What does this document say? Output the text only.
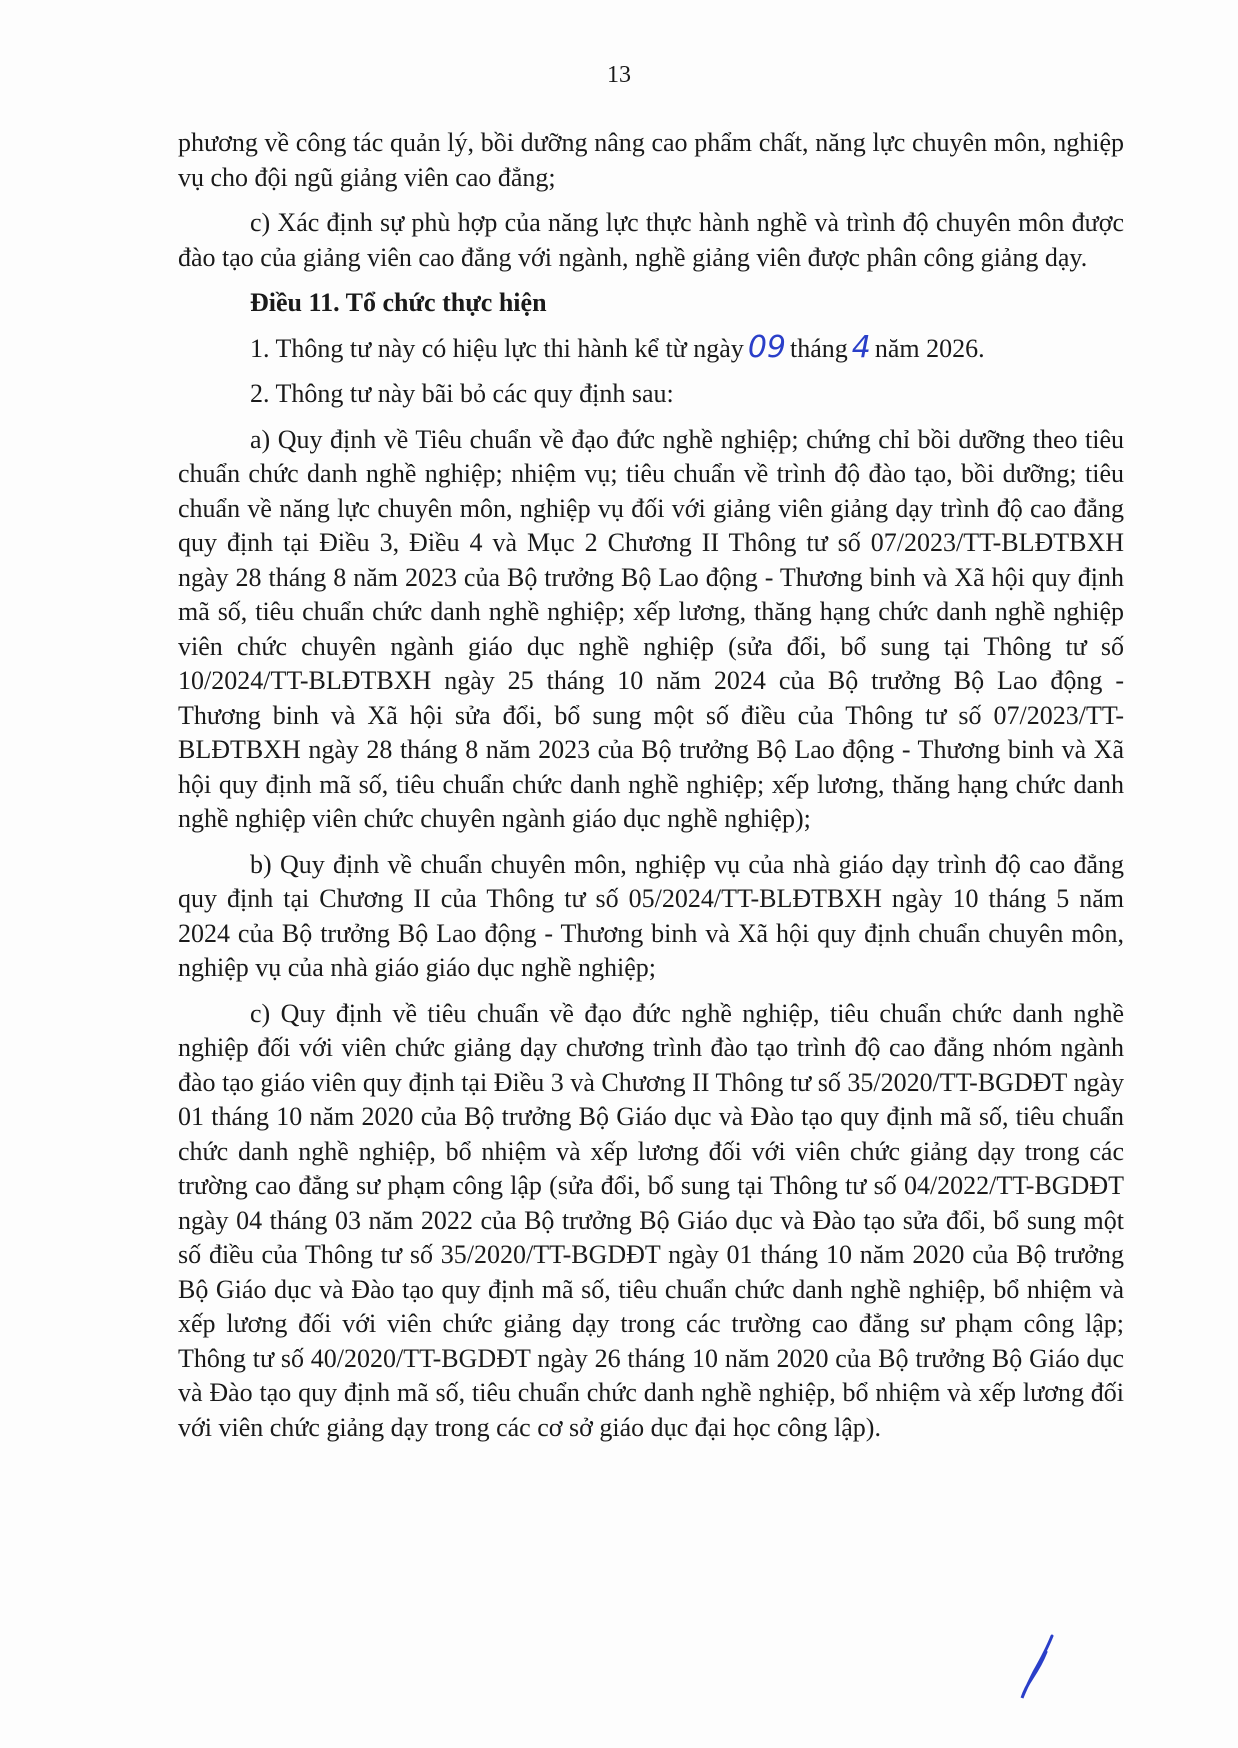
13

phương về công tác quản lý, bồi dưỡng nâng cao phẩm chất, năng lực chuyên môn, nghiệp vụ cho đội ngũ giảng viên cao đẳng;

c) Xác định sự phù hợp của năng lực thực hành nghề và trình độ chuyên môn được đào tạo của giảng viên cao đẳng với ngành, nghề giảng viên được phân công giảng dạy.

Điều 11. Tổ chức thực hiện

1. Thông tư này có hiệu lực thi hành kể từ ngày 09 tháng 4 năm 2026.

2. Thông tư này bãi bỏ các quy định sau:

a) Quy định về Tiêu chuẩn về đạo đức nghề nghiệp; chứng chỉ bồi dưỡng theo tiêu chuẩn chức danh nghề nghiệp; nhiệm vụ; tiêu chuẩn về trình độ đào tạo, bồi dưỡng; tiêu chuẩn về năng lực chuyên môn, nghiệp vụ đối với giảng viên giảng dạy trình độ cao đẳng quy định tại Điều 3, Điều 4 và Mục 2 Chương II Thông tư số 07/2023/TT-BLĐTBXH ngày 28 tháng 8 năm 2023 của Bộ trưởng Bộ Lao động - Thương binh và Xã hội quy định mã số, tiêu chuẩn chức danh nghề nghiệp; xếp lương, thăng hạng chức danh nghề nghiệp viên chức chuyên ngành giáo dục nghề nghiệp (sửa đổi, bổ sung tại Thông tư số 10/2024/TT-BLĐTBXH ngày 25 tháng 10 năm 2024 của Bộ trưởng Bộ Lao động - Thương binh và Xã hội sửa đổi, bổ sung một số điều của Thông tư số 07/2023/TT-BLĐTBXH ngày 28 tháng 8 năm 2023 của Bộ trưởng Bộ Lao động - Thương binh và Xã hội quy định mã số, tiêu chuẩn chức danh nghề nghiệp; xếp lương, thăng hạng chức danh nghề nghiệp viên chức chuyên ngành giáo dục nghề nghiệp);

b) Quy định về chuẩn chuyên môn, nghiệp vụ của nhà giáo dạy trình độ cao đẳng quy định tại Chương II của Thông tư số 05/2024/TT-BLĐTBXH ngày 10 tháng 5 năm 2024 của Bộ trưởng Bộ Lao động - Thương binh và Xã hội quy định chuẩn chuyên môn, nghiệp vụ của nhà giáo giáo dục nghề nghiệp;

c) Quy định về tiêu chuẩn về đạo đức nghề nghiệp, tiêu chuẩn chức danh nghề nghiệp đối với viên chức giảng dạy chương trình đào tạo trình độ cao đẳng nhóm ngành đào tạo giáo viên quy định tại Điều 3 và Chương II Thông tư số 35/2020/TT-BGDĐT ngày 01 tháng 10 năm 2020 của Bộ trưởng Bộ Giáo dục và Đào tạo quy định mã số, tiêu chuẩn chức danh nghề nghiệp, bổ nhiệm và xếp lương đối với viên chức giảng dạy trong các trường cao đẳng sư phạm công lập (sửa đổi, bổ sung tại Thông tư số 04/2022/TT-BGDĐT ngày 04 tháng 03 năm 2022 của Bộ trưởng Bộ Giáo dục và Đào tạo sửa đổi, bổ sung một số điều của Thông tư số 35/2020/TT-BGDĐT ngày 01 tháng 10 năm 2020 của Bộ trưởng Bộ Giáo dục và Đào tạo quy định mã số, tiêu chuẩn chức danh nghề nghiệp, bổ nhiệm và xếp lương đối với viên chức giảng dạy trong các trường cao đẳng sư phạm công lập; Thông tư số 40/2020/TT-BGDĐT ngày 26 tháng 10 năm 2020 của Bộ trưởng Bộ Giáo dục và Đào tạo quy định mã số, tiêu chuẩn chức danh nghề nghiệp, bổ nhiệm và xếp lương đối với viên chức giảng dạy trong các cơ sở giáo dục đại học công lập).
